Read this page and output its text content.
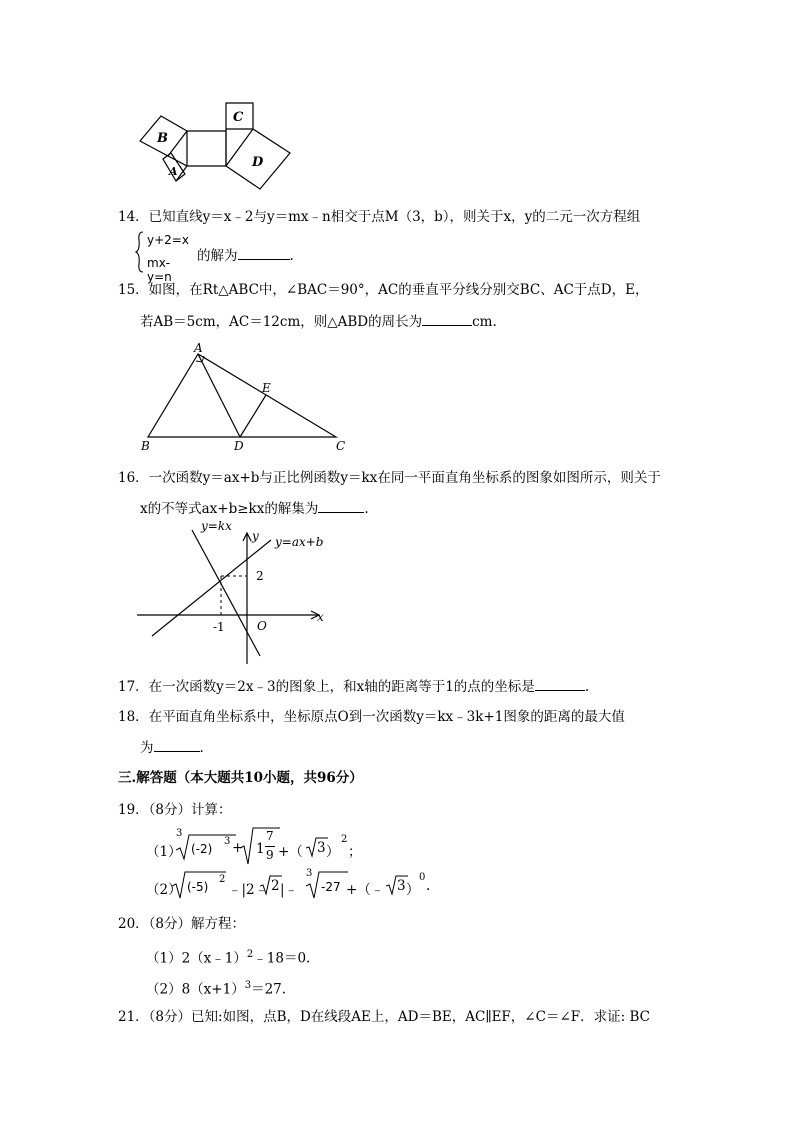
B
A
C
D
14．已知直线y＝x﹣2与y＝mx﹣n相交于点M（3，b），则关于x，y的二元一次方程组
y+2=x
mx-y=n
的解为	.
15．如图，在Rt△ABC中，∠BAC＝90°，AC的垂直平分线分别交BC、AC于点D，E，
若AB＝5cm，AC＝12cm，则△ABD的周长为	cm.
A
B	C
D
E
16．一次函数y＝ax+b与正比例函数y＝kx在同一平面直角坐标系的图象如图所示，则关于
x的不等式ax+b≥kx的解集为	.
y=kx
y y=ax+b
2
x
-1	O
17．在一次函数y＝2x﹣3的图象上，和x轴的距离等于1的点的坐标是	.
18．在平面直角坐标系中，坐标原点O到一次函数y＝kx﹣3k+1图象的距离的最大值
为	.
三.解答题（本大题共10小题，共96分）
19．（8分）计算：
（1）
3
(-2)
3 + 1
7
9 +（ 3 ）
2
；
（2） (-5)
2
﹣|2﹣ 2 |﹣
3
-27 +（﹣ 3 ）
0
.
20．（8分）解方程：
（1）2（x﹣1）$^2$﹣18＝0.
$(2)8(x+1)^3=27$.
21．（8分）已知:如图，点B，D在线段AE上，AD＝BE，AC∥EF，∠C＝∠F．求证: BC
